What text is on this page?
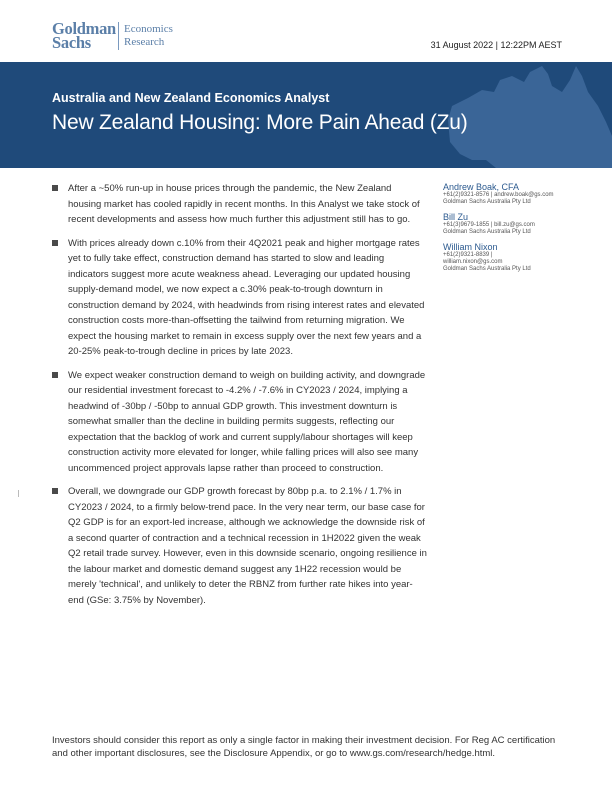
Goldman
Sachs
Economics
Research	31 August 2022 | 12:22PM AEST
Australia and New Zealand Economics Analyst
New Zealand Housing: More Pain Ahead (Zu)
After a ~50% run-up in house prices through the pandemic, the New Zealand housing market has cooled rapidly in recent months. In this Analyst we take stock of recent developments and assess how much further this adjustment still has to go.
With prices already down c.10% from their 4Q2021 peak and higher mortgage rates yet to fully take effect, construction demand has started to slow and leading indicators suggest more acute weakness ahead. Leveraging our updated housing supply-demand model, we now expect a c.30% peak-to-trough downturn in construction demand by 2024, with headwinds from rising interest rates and elevated construction costs more-than-offsetting the tailwind from returning migration. We expect the housing market to remain in excess supply over the next few years and a 20-25% peak-to-trough decline in prices by late 2023.
We expect weaker construction demand to weigh on building activity, and downgrade our residential investment forecast to -4.2% / -7.6% in CY2023 / 2024, implying a headwind of -30bp / -50bp to annual GDP growth. This investment downturn is somewhat smaller than the decline in building permits suggests, reflecting our expectation that the backlog of work and current supply/labour shortages will keep construction activity more elevated for longer, while falling prices will also see many uncommenced project approvals lapse rather than proceed to construction.
Overall, we downgrade our GDP growth forecast by 80bp p.a. to 2.1% / 1.7% in CY2023 / 2024, to a firmly below-trend pace. In the very near term, our base case for Q2 GDP is for an export-led increase, although we acknowledge the downside risk of a second quarter of contraction and a technical recession in 1H2022 given the weak Q2 retail trade survey. However, even in this downside scenario, ongoing resilience in the labour market and domestic demand suggest any 1H22 recession would be merely 'technical', and unlikely to deter the RBNZ from further rate hikes into year-end (GSe: 3.75% by November).
Andrew Boak, CFA
+61(2)9321-8576 | andrew.boak@gs.com
Goldman Sachs Australia Pty Ltd
Bill Zu
+61(3)9679-1855 | bill.zu@gs.com
Goldman Sachs Australia Pty Ltd
William Nixon
+61(2)9321-8839 |
william.nixon@gs.com
Goldman Sachs Australia Pty Ltd
Investors should consider this report as only a single factor in making their investment decision. For Reg AC certification and other important disclosures, see the Disclosure Appendix, or go to www.gs.com/research/hedge.html.
